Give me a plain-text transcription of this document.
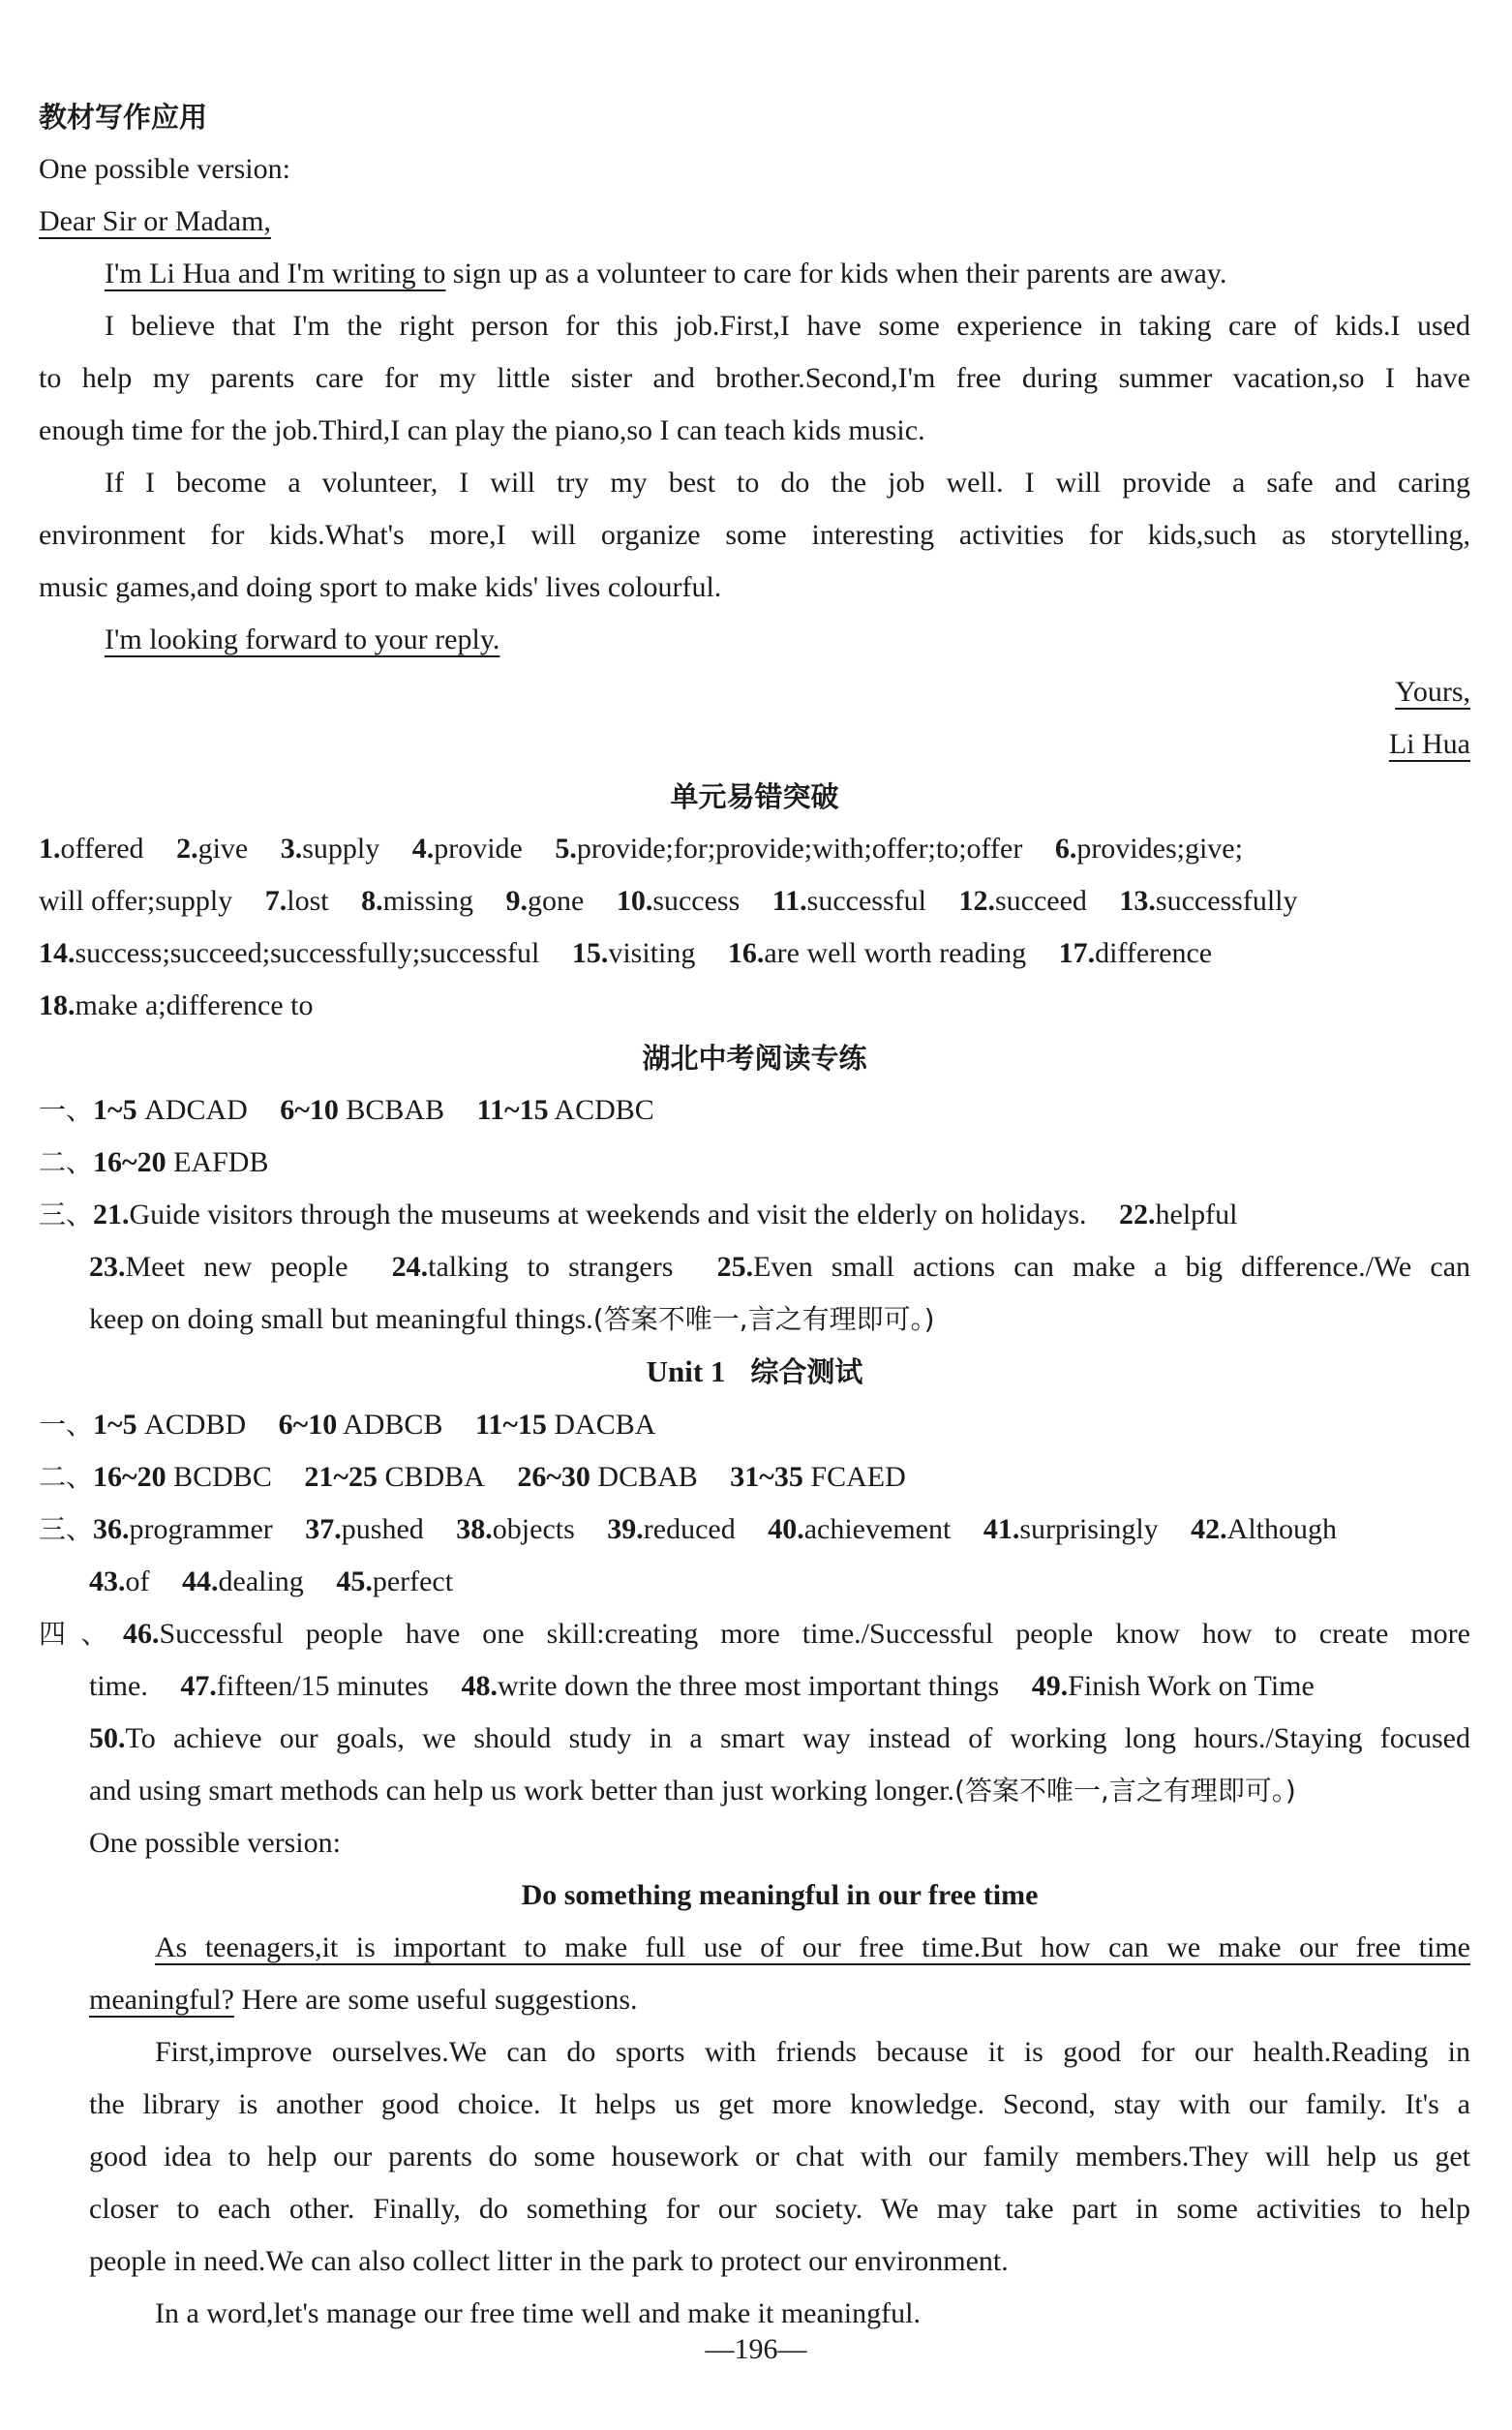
教材写作应用
One possible version:
Dear Sir or Madam,
I'm Li Hua and I'm writing to sign up as a volunteer to care for kids when their parents are away.
I believe that I'm the right person for this job.First,I have some experience in taking care of kids.I used
to help my parents care for my little sister and brother.Second,I'm free during summer vacation,so I have
enough time for the job.Third,I can play the piano,so I can teach kids music.
If I become a volunteer, I will try my best to do the job well. I will provide a safe and caring
environment for kids.What's more,I will organize some interesting activities for kids,such as storytelling,
music games,and doing sport to make kids' lives colourful.
I'm looking forward to your reply.
Yours,
Li Hua
单元易错突破
1.offered 2.give 3.supply 4.provide 5.provide;for;provide;with;offer;to;offer 6.provides;give;
will offer;supply 7.lost 8.missing 9.gone 10.success 11.successful 12.succeed 13.successfully
14.success;succeed;successfully;successful 15.visiting 16.are well worth reading 17.difference
18.make a;difference to
湖北中考阅读专练
一、1~5 ADCAD 6~10 BCBAB 11~15 ACDBC
二、16~20 EAFDB
三、21.Guide visitors through the museums at weekends and visit the elderly on holidays. 22.helpful
23.Meet new people 24.talking to strangers 25.Even small actions can make a big difference./We can
keep on doing small but meaningful things.(答案不唯一,言之有理即可。)
Unit 1 综合测试
一、1~5 ACDBD 6~10 ADBCB 11~15 DACBA
二、16~20 BCDBC 21~25 CBDBA 26~30 DCBAB 31~35 FCAED
三、36.programmer 37.pushed 38.objects 39.reduced 40.achievement 41.surprisingly 42.Although
43.of 44.dealing 45.perfect
四、46.Successful people have one skill:creating more time./Successful people know how to create more
time. 47.fifteen/15 minutes 48.write down the three most important things 49.Finish Work on Time
50.To achieve our goals, we should study in a smart way instead of working long hours./Staying focused
and using smart methods can help us work better than just working longer.(答案不唯一,言之有理即可。)
One possible version:
Do something meaningful in our free time
As teenagers,it is important to make full use of our free time.But how can we make our free time
meaningful? Here are some useful suggestions.
First,improve ourselves.We can do sports with friends because it is good for our health.Reading in
the library is another good choice. It helps us get more knowledge. Second, stay with our family. It's a
good idea to help our parents do some housework or chat with our family members.They will help us get
closer to each other. Finally, do something for our society. We may take part in some activities to help
people in need.We can also collect litter in the park to protect our environment.
In a word,let's manage our free time well and make it meaningful.
—196—
